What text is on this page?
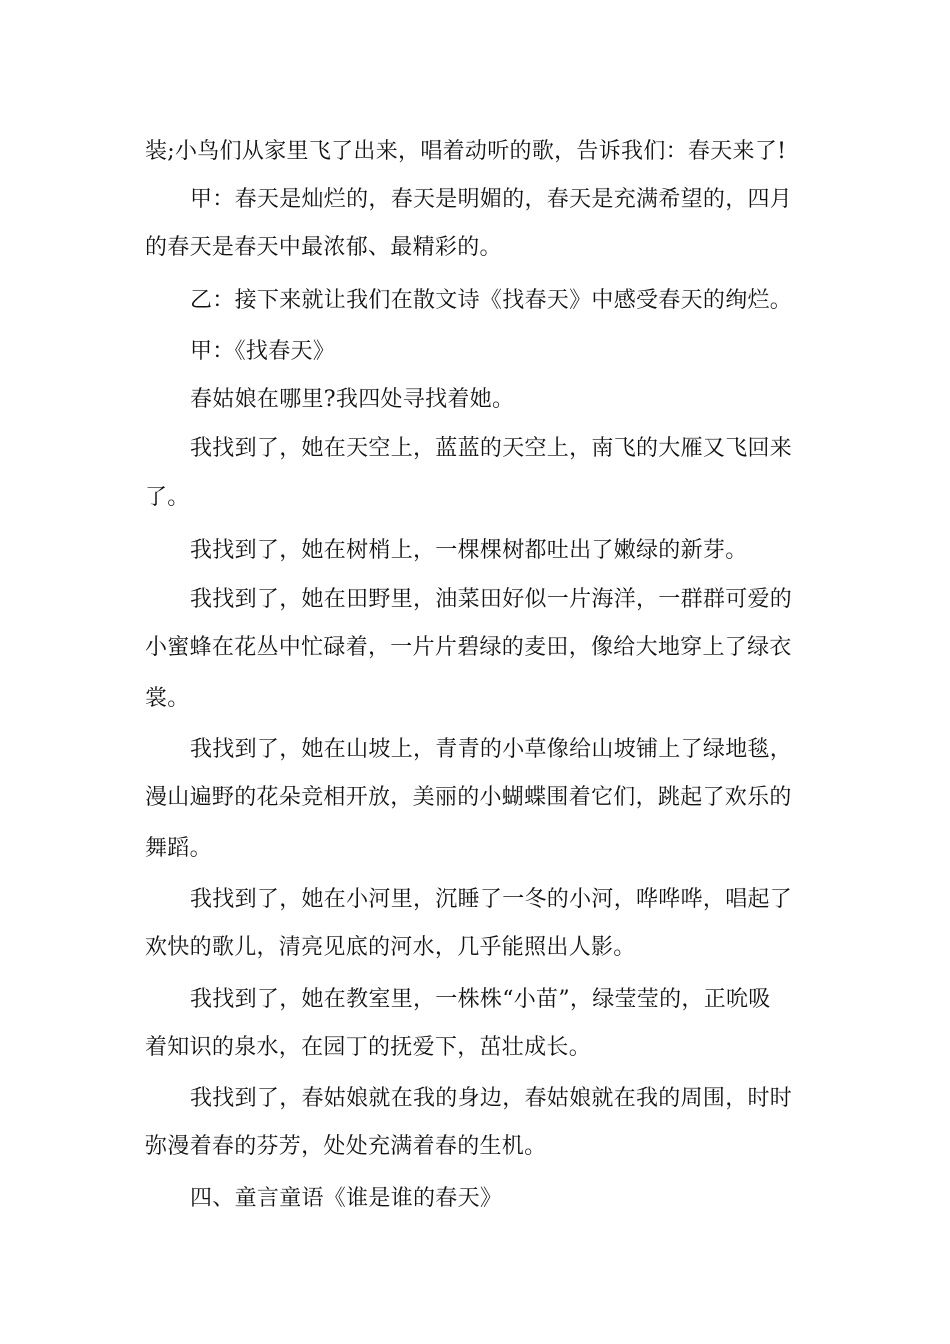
装;小鸟们从家里飞了出来，唱着动听的歌，告诉我们：春天来了!
甲：春天是灿烂的，春天是明媚的，春天是充满希望的，四月
的春天是春天中最浓郁、最精彩的。
乙：接下来就让我们在散文诗《找春天》中感受春天的绚烂。
甲：《找春天》
春姑娘在哪里?我四处寻找着她。
我找到了，她在天空上，蓝蓝的天空上，南飞的大雁又飞回来
了。
我找到了，她在树梢上，一棵棵树都吐出了嫩绿的新芽。
我找到了，她在田野里，油菜田好似一片海洋，一群群可爱的
小蜜蜂在花丛中忙碌着，一片片碧绿的麦田，像给大地穿上了绿衣
裳。
我找到了，她在山坡上，青青的小草像给山坡铺上了绿地毯，
漫山遍野的花朵竞相开放，美丽的小蝴蝶围着它们，跳起了欢乐的
舞蹈。
我找到了，她在小河里，沉睡了一冬的小河，哗哗哗，唱起了
欢快的歌儿，清亮见底的河水，几乎能照出人影。
我找到了，她在教室里，一株株“小苗”，绿莹莹的，正吮吸
着知识的泉水，在园丁的抚爱下，茁壮成长。
我找到了，春姑娘就在我的身边，春姑娘就在我的周围，时时
弥漫着春的芬芳，处处充满着春的生机。
四、童言童语《谁是谁的春天》
